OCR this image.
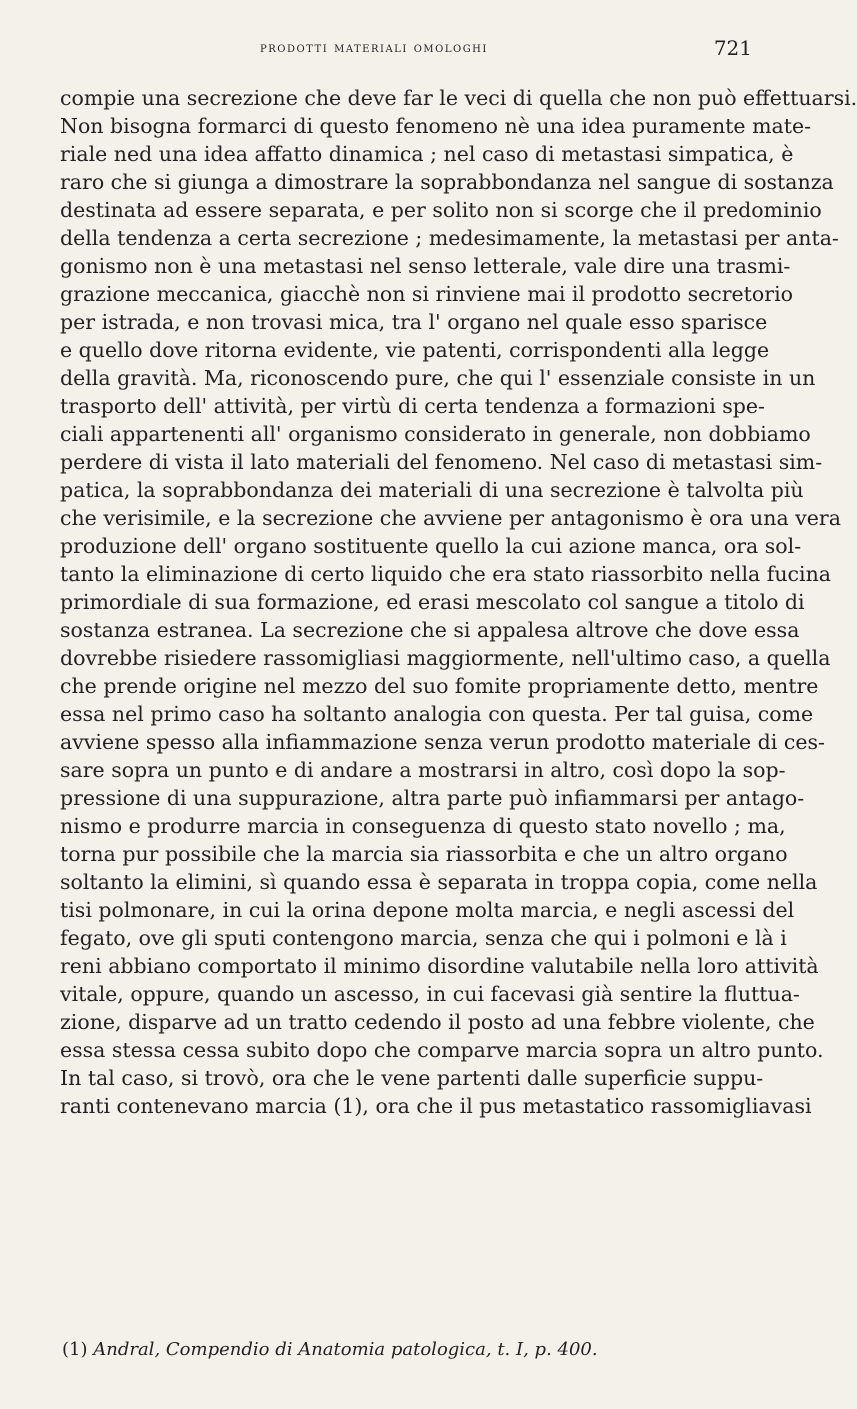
prodotti materiali omologhi	721
compie una secrezione che deve far le veci di quella che non può effettuarsi.
Non bisogna formarci di questo fenomeno nè una idea puramente mate-
riale ned una idea affatto dinamica ; nel caso di metastasi simpatica, è
raro che si giunga a dimostrare la soprabbondanza nel sangue di sostanza
destinata ad essere separata, e per solito non si scorge che il predominio
della tendenza a certa secrezione ; medesimamente, la metastasi per anta-
gonismo non è una metastasi nel senso letterale, vale dire una trasmi-
grazione meccanica, giacchè non si rinviene mai il prodotto secretorio
per istrada, e non trovasi mica, tra l' organo nel quale esso sparisce
e quello dove ritorna evidente, vie patenti, corrispondenti alla legge
della gravità. Ma, riconoscendo pure, che qui l' essenziale consiste in un
trasporto dell' attività, per virtù di certa tendenza a formazioni spe-
ciali appartenenti all' organismo considerato in generale, non dobbiamo
perdere di vista il lato materiali del fenomeno. Nel caso di metastasi sim-
patica, la soprabbondanza dei materiali di una secrezione è talvolta più
che verisimile, e la secrezione che avviene per antagonismo è ora una vera
produzione dell' organo sostituente quello la cui azione manca, ora sol-
tanto la eliminazione di certo liquido che era stato riassorbito nella fucina
primordiale di sua formazione, ed erasi mescolato col sangue a titolo di
sostanza estranea. La secrezione che si appalesa altrove che dove essa
dovrebbe risiedere rassomigliasi maggiormente, nell'ultimo caso, a quella
che prende origine nel mezzo del suo fomite propriamente detto, mentre
essa nel primo caso ha soltanto analogia con questa. Per tal guisa, come
avviene spesso alla infiammazione senza verun prodotto materiale di ces-
sare sopra un punto e di andare a mostrarsi in altro, così dopo la sop-
pressione di una suppurazione, altra parte può infiammarsi per antago-
nismo e produrre marcia in conseguenza di questo stato novello ; ma,
torna pur possibile che la marcia sia riassorbita e che un altro organo
soltanto la elimini, sì quando essa è separata in troppa copia, come nella
tisi polmonare, in cui la orina depone molta marcia, e negli ascessi del
fegato, ove gli sputi contengono marcia, senza che qui i polmoni e là i
reni abbiano comportato il minimo disordine valutabile nella loro attività
vitale, oppure, quando un ascesso, in cui facevasi già sentire la fluttua-
zione, disparve ad un tratto cedendo il posto ad una febbre violente, che
essa stessa cessa subito dopo che comparve marcia sopra un altro punto.
In tal caso, si trovò, ora che le vene partenti dalle superficie suppu-
ranti contenevano marcia (1), ora che il pus metastatico rassomigliavasi
(1) Andral, Compendio di Anatomia patologica, t. I, p. 400.
